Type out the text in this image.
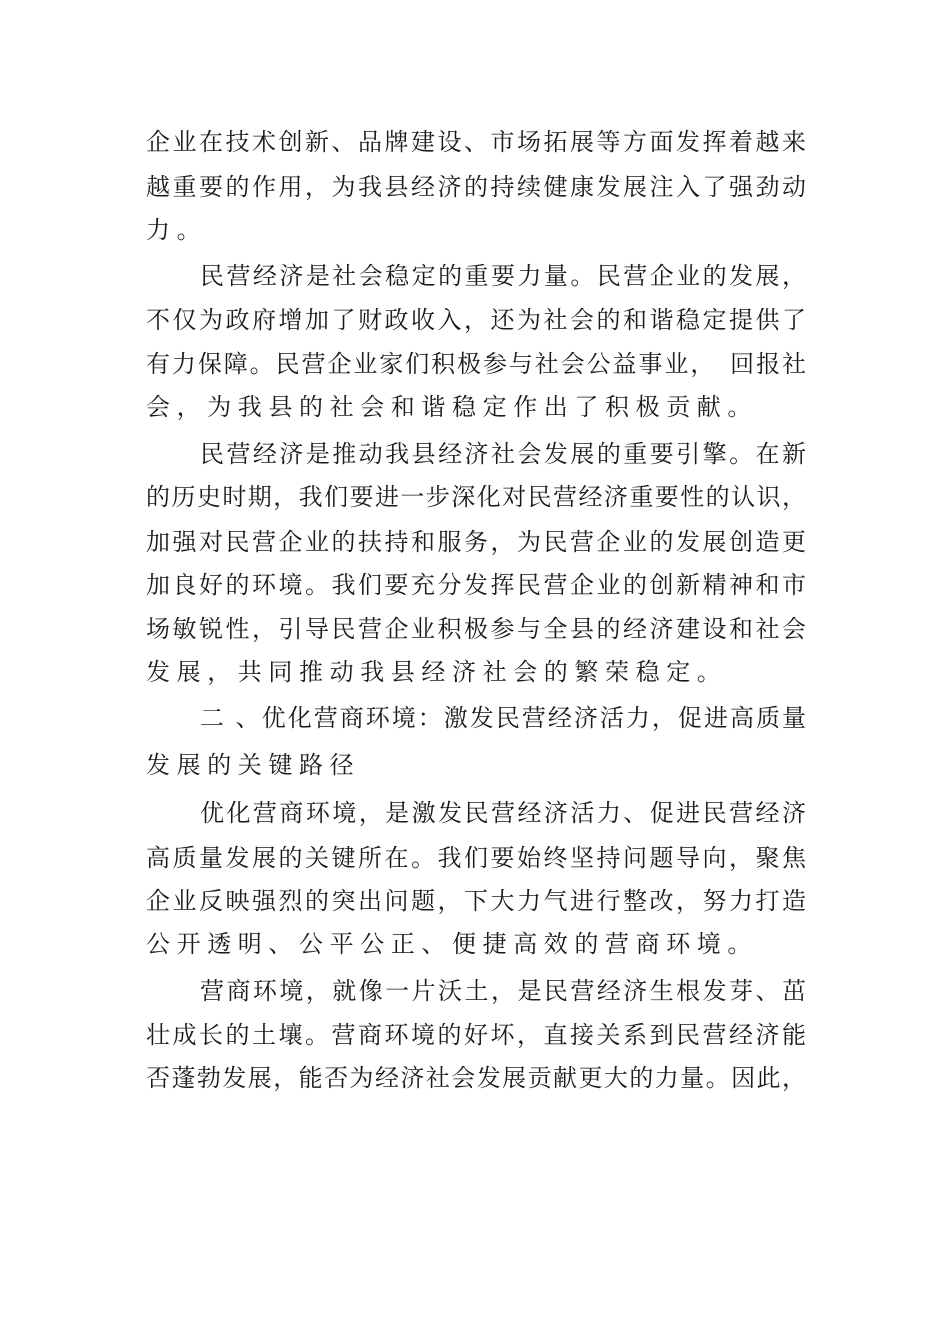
企业在技术创新、品牌建设、市场拓展等方面发挥着越来
越重要的作用，为我县经济的持续健康发展注入了强劲动
力。
民营经济是社会稳定的重要力量。民营企业的发展，
不仅为政府增加了财政收入，还为社会的和谐稳定提供了
有力保障。民营企业家们积极参与社会公益事业，　回报社
会，为我县的社会和谐稳定作出了积极贡献。
民营经济是推动我县经济社会发展的重要引擎。在新
的历史时期，我们要进一步深化对民营经济重要性的认识，
加强对民营企业的扶持和服务，为民营企业的发展创造更
加良好的环境。我们要充分发挥民营企业的创新精神和市
场敏锐性，引导民营企业积极参与全县的经济建设和社会
发展，共同推动我县经济社会的繁荣稳定。
二 、优化营商环境：激发民营经济活力，促进高质量
发展的关键路径
优化营商环境，是激发民营经济活力、促进民营经济
高质量发展的关键所在。我们要始终坚持问题导向，聚焦
企业反映强烈的突出问题，下大力气进行整改，努力打造
公开透明、公平公正、便捷高效的营商环境。
营商环境，就像一片沃土，是民营经济生根发芽、茁
壮成长的土壤。营商环境的好坏，直接关系到民营经济能
否蓬勃发展，能否为经济社会发展贡献更大的力量。因此，
